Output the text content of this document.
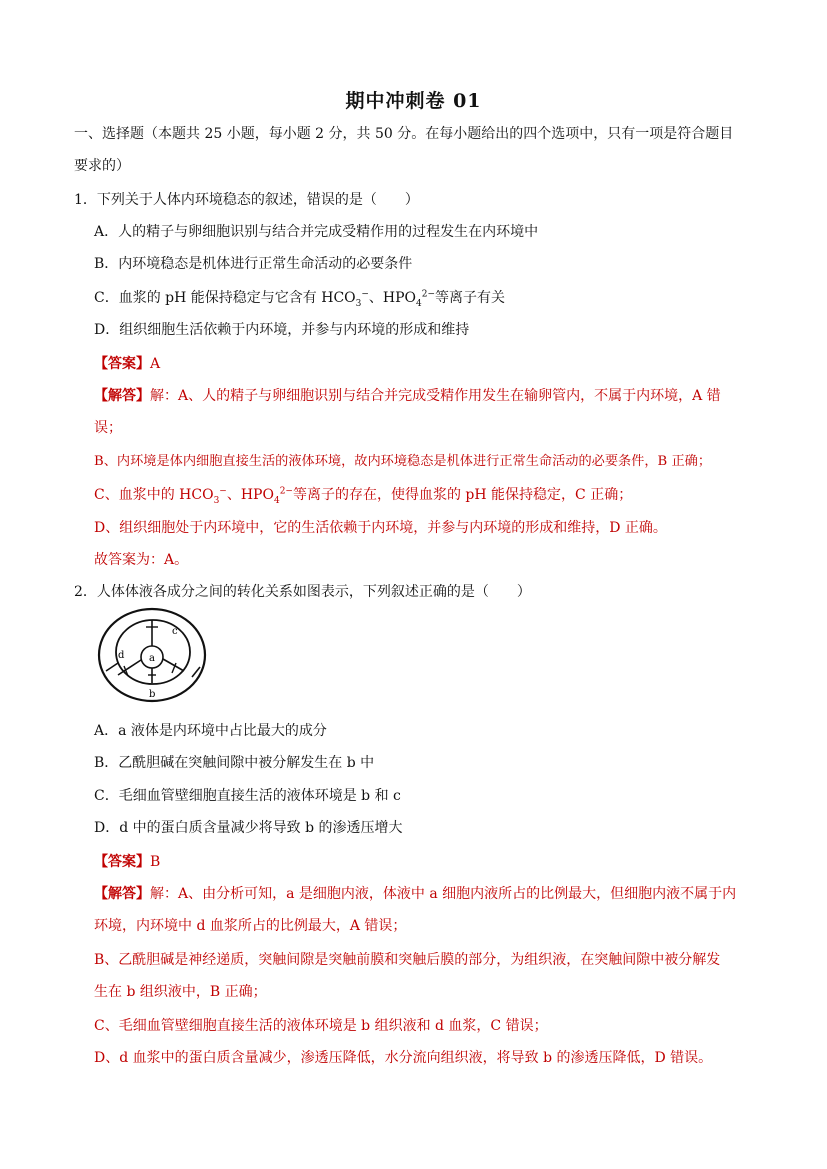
期中冲刺卷 01
一、选择题（本题共 25 小题，每小题 2 分，共 50 分。在每小题给出的四个选项中，只有一项是符合题目
要求的）
1．下列关于人体内环境稳态的叙述，错误的是（　　）
A．人的精子与卵细胞识别与结合并完成受精作用的过程发生在内环境中
B．内环境稳态是机体进行正常生命活动的必要条件
C．血浆的 pH 能保持稳定与它含有 $HCO_3^-$、$HPO_4^{2-}$等离子有关
D．组织细胞生活依赖于内环境，并参与内环境的形成和维持
【答案】A
【解答】解：A、人的精子与卵细胞识别与结合并完成受精作用发生在输卵管内，不属于内环境，A 错
误；
B、内环境是体内细胞直接生活的液体环境，故内环境稳态是机体进行正常生命活动的必要条件，B 正确；
C、血浆中的 $HCO_3^-$、$HPO_4^{2-}$等离子的存在，使得血浆的 pH 能保持稳定，C 正确；
D、组织细胞处于内环境中，它的生活依赖于内环境，并参与内环境的形成和维持，D 正确。
故答案为：A。
2．人体体液各成分之间的转化关系如图表示，下列叙述正确的是（　　）
a
b
c
d
A．a 液体是内环境中占比最大的成分
B．乙酰胆碱在突触间隙中被分解发生在 b 中
C．毛细血管壁细胞直接生活的液体环境是 b 和 c
D．d 中的蛋白质含量减少将导致 b 的渗透压增大
【答案】B
【解答】解：A、由分析可知，a 是细胞内液，体液中 a 细胞内液所占的比例最大，但细胞内液不属于内
环境，内环境中 d 血浆所占的比例最大，A 错误；
B、乙酰胆碱是神经递质，突触间隙是突触前膜和突触后膜的部分，为组织液，在突触间隙中被分解发
生在 b 组织液中，B 正确；
C、毛细血管壁细胞直接生活的液体环境是 b 组织液和 d 血浆，C 错误；
D、d 血浆中的蛋白质含量减少，渗透压降低，水分流向组织液，将导致 b 的渗透压降低，D 错误。
